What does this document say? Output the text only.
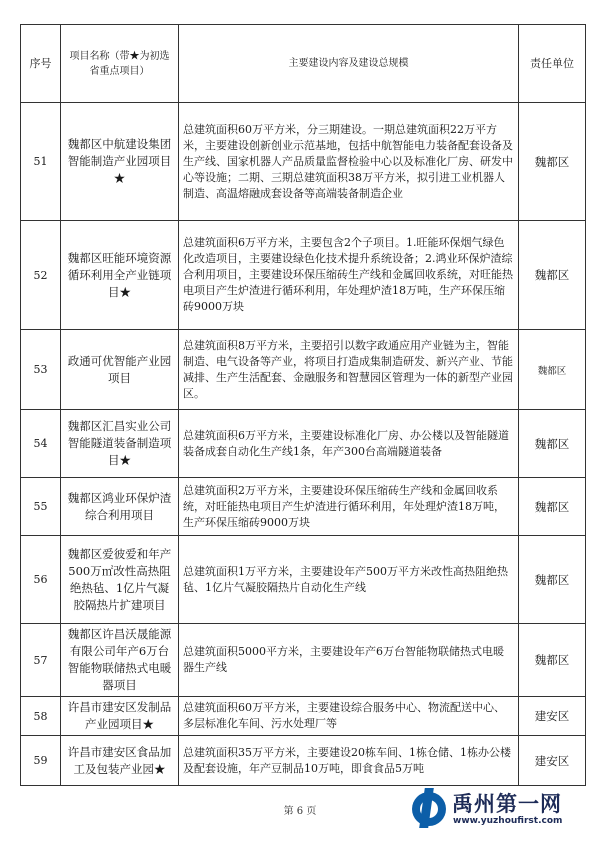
序号	项目名称（带★为初选省重点项目）	主要建设内容及建设总规模	责任单位
51	魏都区中航建设集团智能制造产业园项目★	总建筑面积60万平方米，分三期建设。一期总建筑面积22万平方米，主要建设创新创业示范基地，包括中航智能电力装备配套设备及生产线、国家机器人产品质量监督检验中心以及标准化厂房、研发中心等设施；二期、三期总建筑面积38万平方米，拟引进工业机器人制造、高温熔融成套设备等高端装备制造企业	魏都区
52	魏都区旺能环境资源循环利用全产业链项目★	总建筑面积6万平方米，主要包含2个子项目。1.旺能环保烟气绿色化改造项目，主要建设绿色化技术提升系统设备；2.鸿业环保炉渣综合利用项目，主要建设环保压缩砖生产线和金属回收系统，对旺能热电项目产生炉渣进行循环利用，年处理炉渣18万吨，生产环保压缩砖9000万块	魏都区
53	政通可优智能产业园项目	总建筑面积8万平方米，主要招引以数字政通应用产业链为主，智能制造、电气设备等产业，将项目打造成集制造研发、新兴产业、节能减排、生产生活配套、金融服务和智慧园区管理为一体的新型产业园区。	魏都区
54	魏都区汇昌实业公司智能隧道装备制造项目★	总建筑面积6万平方米，主要建设标准化厂房、办公楼以及智能隧道装备成套自动化生产线1条，年产300台高端隧道装备	魏都区
55	魏都区鸿业环保炉渣综合利用项目	总建筑面积2万平方米，主要建设环保压缩砖生产线和金属回收系统，对旺能热电项目产生炉渣进行循环利用，年处理炉渣18万吨，生产环保压缩砖9000万块	魏都区
56	魏都区爱彼爱和年产500万㎡改性高热阻绝热毡、1亿片气凝胶隔热片扩建项目	总建筑面积1万平方米，主要建设年产500万平方米改性高热阻绝热毡、1亿片气凝胶隔热片自动化生产线	魏都区
57	魏都区许昌沃晟能源有限公司年产6万台智能物联储热式电暖器项目	总建筑面积5000平方米，主要建设年产6万台智能物联储热式电暖器生产线	魏都区
58	许昌市建安区发制品产业园项目★	总建筑面积60万平方米，主要建设综合服务中心、物流配送中心、多层标准化车间、污水处理厂等	建安区
59	许昌市建安区食品加工及包装产业园★	总建筑面积35万平方米，主要建设20栋车间、1栋仓储、1栋办公楼及配套设施，年产豆制品10万吨，即食食品5万吨	建安区
第 6 页	禹州第一网
www.yuzhoufirst.com
